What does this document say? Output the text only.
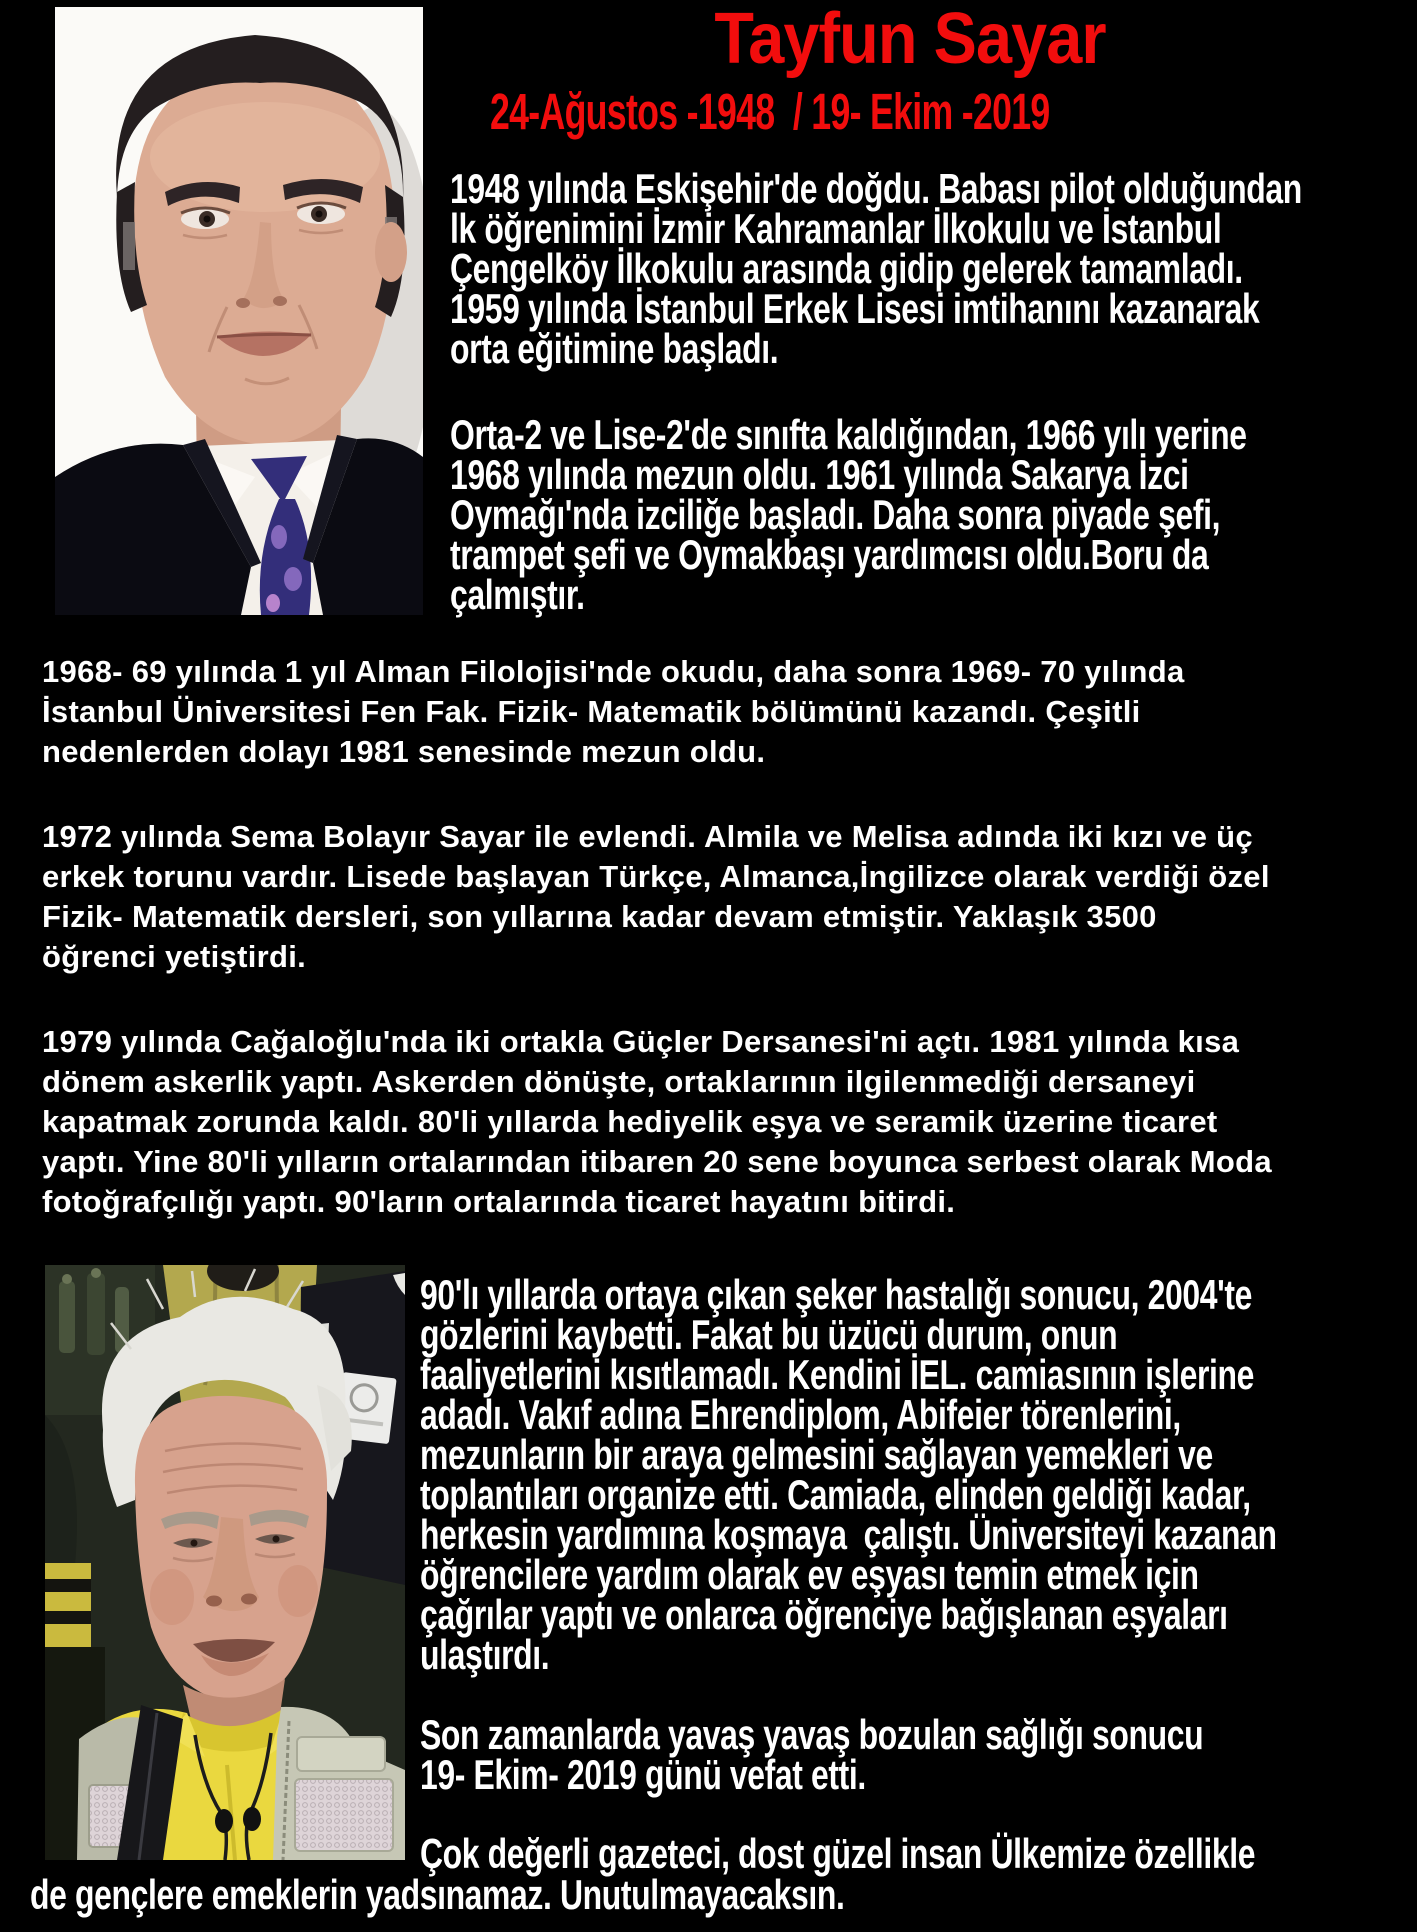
Tayfun Sayar
24-Ağustos -1948  / 19- Ekim -2019
1948 yılında Eskişehir'de doğdu. Babası pilot olduğundan
lk öğrenimini İzmir Kahramanlar İlkokulu ve İstanbul
Çengelköy İlkokulu arasında gidip gelerek tamamladı.
1959 yılında İstanbul Erkek Lisesi imtihanını kazanarak
orta eğitimine başladı.
Orta-2 ve Lise-2'de sınıfta kaldığından, 1966 yılı yerine
1968 yılında mezun oldu. 1961 yılında Sakarya İzci
Oymağı'nda izciliğe başladı. Daha sonra piyade şefi,
trampet şefi ve Oymakbaşı yardımcısı oldu.Boru da
çalmıştır.
1968- 69 yılında 1 yıl Alman Filolojisi'nde okudu, daha sonra 1969- 70 yılında
İstanbul Üniversitesi Fen Fak. Fizik- Matematik bölümünü kazandı. Çeşitli
nedenlerden dolayı 1981 senesinde mezun oldu.
1972 yılında Sema Bolayır Sayar ile evlendi. Almila ve Melisa adında iki kızı ve üç
erkek torunu vardır. Lisede başlayan Türkçe, Almanca,İngilizce olarak verdiği özel
Fizik- Matematik dersleri, son yıllarına kadar devam etmiştir. Yaklaşık 3500
öğrenci yetiştirdi.
1979 yılında Cağaloğlu'nda iki ortakla Güçler Dersanesi'ni açtı. 1981 yılında kısa
dönem askerlik yaptı. Askerden dönüşte, ortaklarının ilgilenmediği dersaneyi
kapatmak zorunda kaldı. 80'li yıllarda hediyelik eşya ve seramik üzerine ticaret
yaptı. Yine 80'li yılların ortalarından itibaren 20 sene boyunca serbest olarak Moda
fotoğrafçılığı yaptı. 90'ların ortalarında ticaret hayatını bitirdi.
90'lı yıllarda ortaya çıkan şeker hastalığı sonucu, 2004'te
gözlerini kaybetti. Fakat bu üzücü durum, onun
faaliyetlerini kısıtlamadı. Kendini İEL. camiasının işlerine
adadı. Vakıf adına Ehrendiplom, Abifeier törenlerini,
mezunların bir araya gelmesini sağlayan yemekleri ve
toplantıları organize etti. Camiada, elinden geldiği kadar,
herkesin yardımına koşmaya  çalıştı. Üniversiteyi kazanan
öğrencilere yardım olarak ev eşyası temin etmek için
çağrılar yaptı ve onlarca öğrenciye bağışlanan eşyaları
ulaştırdı.
Son zamanlarda yavaş yavaş bozulan sağlığı sonucu
19- Ekim- 2019 günü vefat etti.
Çok değerli gazeteci, dost güzel insan Ülkemize özellikle
de gençlere emeklerin yadsınamaz. Unutulmayacaksın.
